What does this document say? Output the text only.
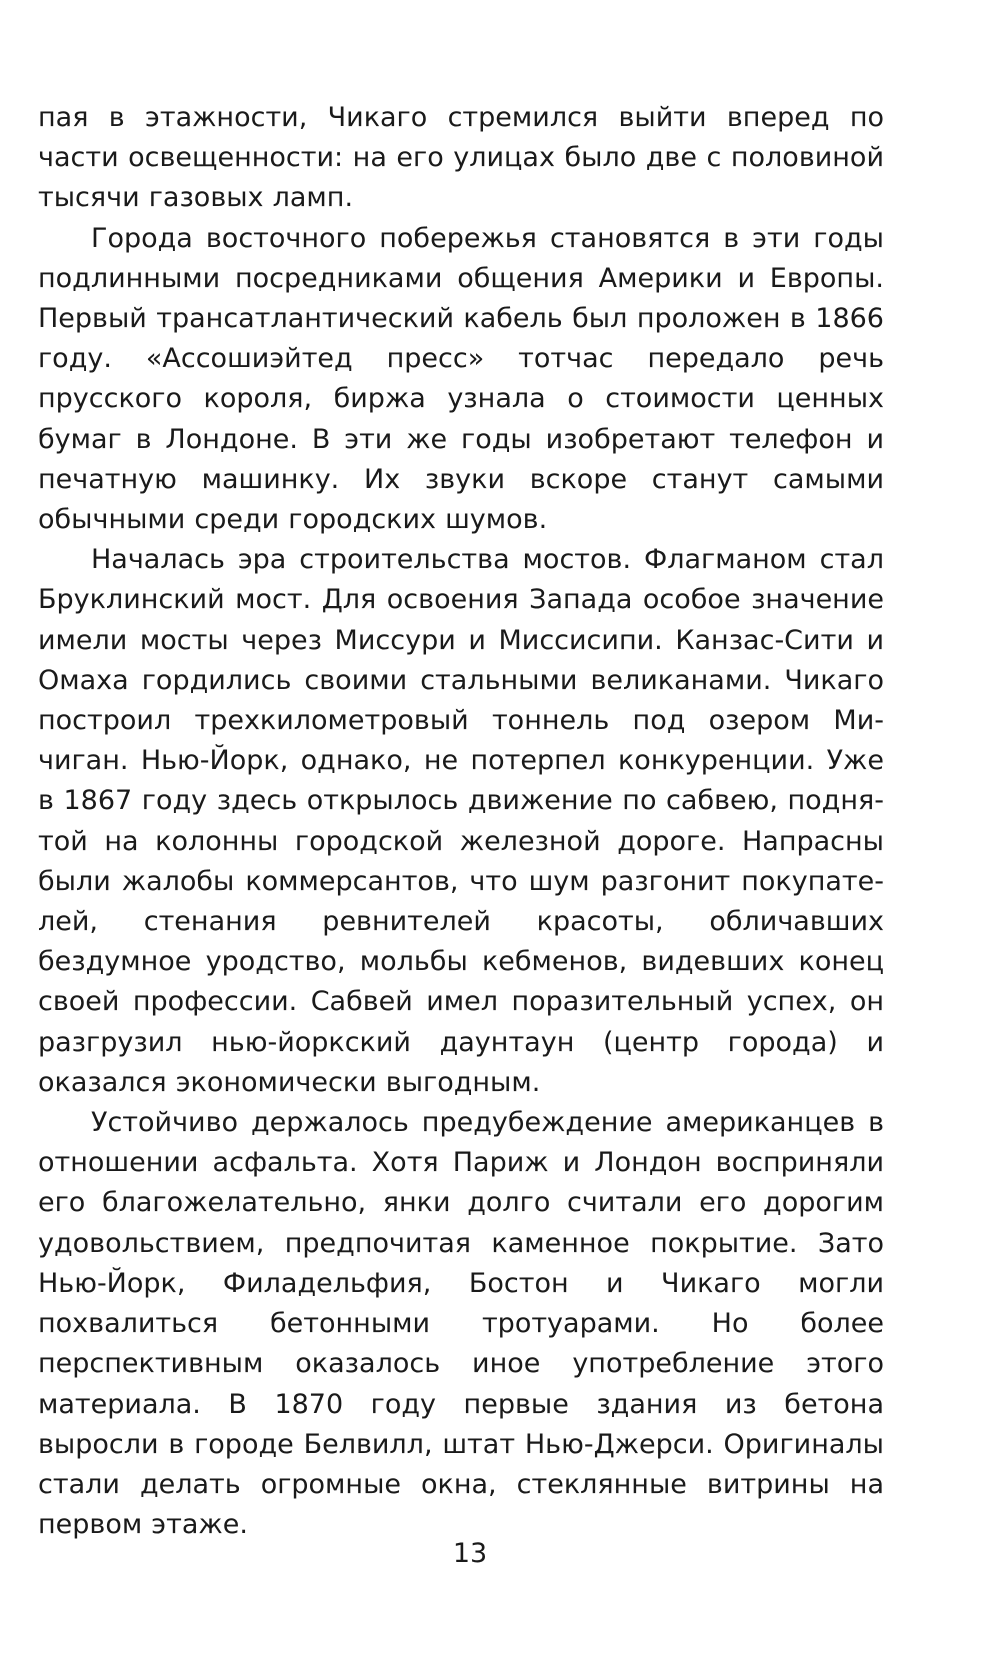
пая в этажности, Чикаго стремился выйти вперед по части освещенности: на его улицах было две с половиной тысячи газовых ламп.

Города восточного побережья становятся в эти годы подлинными посредниками общения Америки и Европы. Первый трансатлантический кабель был проложен в 1866 году. «Ассошиэйтед пресс» тотчас передало речь прусского короля, биржа узнала о стоимости ценных бумаг в Лондоне. В эти же годы изобретают телефон и печатную машинку. Их звуки вскоре станут самыми обычными среди городских шумов.

Началась эра строительства мостов. Флагманом стал Бруклинский мост. Для освоения Запада особое значение имели мосты через Миссури и Миссисипи. Канзас-Сити и Омаха гордились своими стальными великанами. Чикаго построил трехкилометровый тоннель под озером Мичиган. Нью-Йорк, однако, не потерпел конкуренции. Уже в 1867 году здесь открылось движение по сабвею, поднятой на колонны городской железной дороге. Напрасны были жалобы коммерсантов, что шум разгонит покупателей, стенания ревнителей красоты, обличавших бездумное уродство, мольбы кебменов, видевших конец своей профессии. Сабвей имел поразительный успех, он разгрузил нью-йоркский даунтаун (центр города) и оказался экономически выгодным.

Устойчиво держалось предубеждение американцев в отношении асфальта. Хотя Париж и Лондон восприняли его благожелательно, янки долго считали его дорогим удовольствием, предпочитая каменное покрытие. Зато Нью-Йорк, Филадельфия, Бостон и Чикаго могли похвалиться бетонными тротуарами. Но более перспективным оказалось иное употребление этого материала. В 1870 году первые здания из бетона выросли в городе Белвилл, штат Нью-Джерси. Оригиналы стали делать огромные окна, стеклянные витрины на первом этаже.

13
